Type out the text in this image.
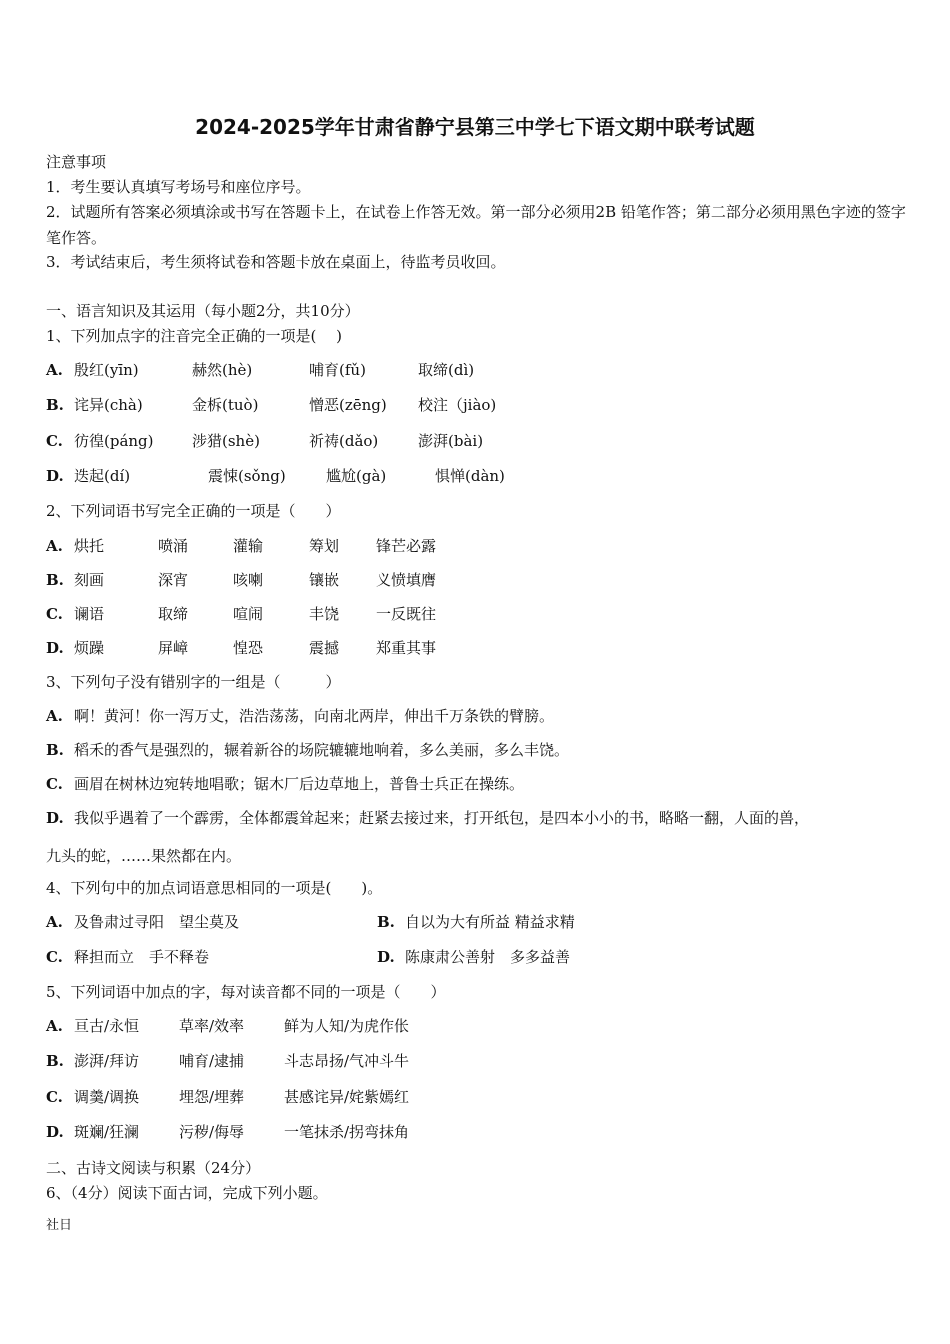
2024-2025学年甘肃省静宁县第三中学七下语文期中联考试题
注意事项
1．考生要认真填写考场号和座位序号。
2．试题所有答案必须填涂或书写在答题卡上，在试卷上作答无效。第一部分必须用2B 铅笔作答；第二部分必须用黑色字迹的签字笔作答。
3．考试结束后，考生须将试卷和答题卡放在桌面上，待监考员收回。
一、语言知识及其运用（每小题2分，共10分）
1、下列加点字的注音完全正确的一项是(　 )
A. 殷红(yīn)	赫然(hè)	哺育(fǔ)	取缔(dì)
B. 诧异(chà)	金柝(tuò)	憎恶(zēng) 校注（jiào)
C. 彷徨(páng)	涉猎(shè)	祈祷(dǎo)	澎湃(bài)
D. 迭起(dí)	震悚(sǒng)	尴尬(gà)	惧惮(dàn)
2、下列词语书写完全正确的一项是（　　）
A. 烘托	喷涌	灌输	筹划 锋芒必露
B. 刻画	深宵	咳喇	镶嵌 义愤填膺
C. 谰语	取缔	喧闹	丰饶 一反既往
D. 烦躁	屏嶂	惶恐	震撼 郑重其事
3、下列句子没有错别字的一组是（　　　）
A. 啊！黄河！你一泻万丈，浩浩荡荡，向南北两岸，伸出千万条铁的臂膀。
B. 稻禾的香气是强烈的，辗着新谷的场院辘辘地响着，多么美丽，多么丰饶。
C. 画眉在树林边宛转地唱歌；锯木厂后边草地上，普鲁士兵正在操练。
D. 我似乎遇着了一个霹雳，全体都震耸起来；赶紧去接过来，打开纸包，是四本小小的书，略略一翻，人面的兽，
九头的蛇，……果然都在内。
4、下列句中的加点词语意思相同的一项是(　　)。
A. 及鲁肃过寻阳　望尘莫及	B. 自以为大有所益 精益求精
C. 释担而立　手不释卷	D. 陈康肃公善射　多多益善
5、下列词语中加点的字，每对读音都不同的一项是（　　）
A. 亘古/永恒	草率/效率	鲜为人知/为虎作伥
B. 澎湃/拜访	哺育/逮捕	斗志昂扬/气冲斗牛
C. 调羹/调换	埋怨/埋葬	甚感诧异/姹紫嫣红
D. 斑斓/狂澜	污秽/侮辱	一笔抹杀/拐弯抹角
二、古诗文阅读与积累（24分）
6、（4分）阅读下面古词，完成下列小题。
社日
